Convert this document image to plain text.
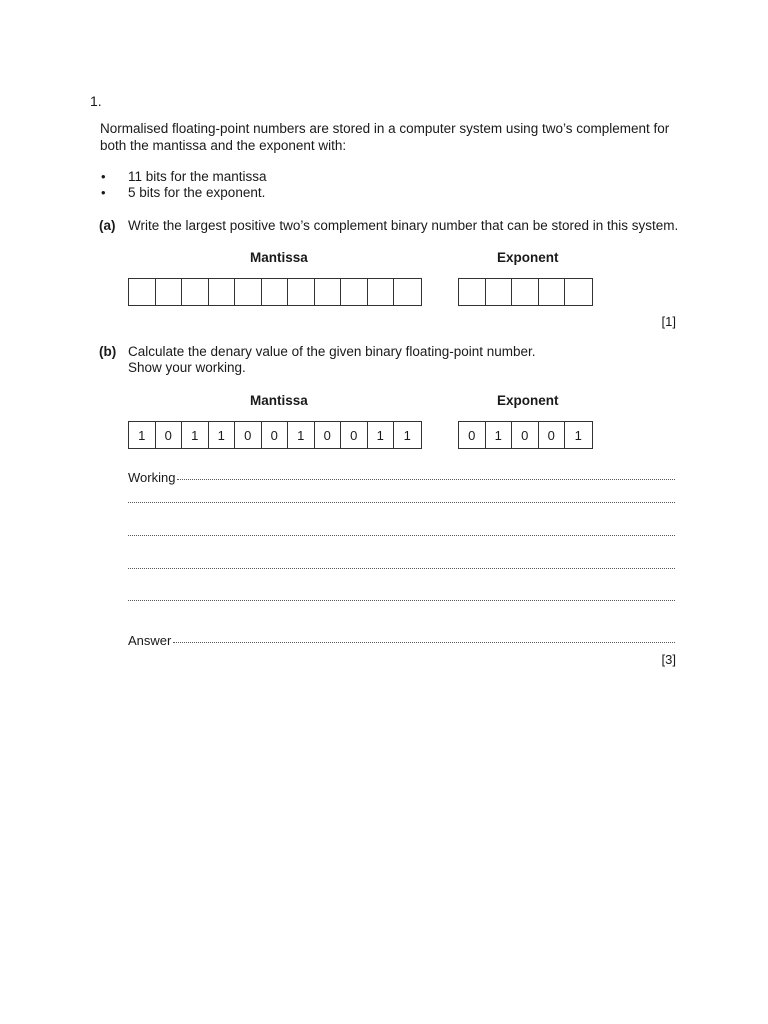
1.
Normalised floating-point numbers are stored in a computer system using two’s complement for both the mantissa and the exponent with:
• 11 bits for the mantissa
• 5 bits for the exponent.
(a) Write the largest positive two’s complement binary number that can be stored in this system.
Mantissa	Exponent
[1]
(b) Calculate the denary value of the given binary floating-point number.
Show your working.
Mantissa	Exponent
1	0	1	1	0	0	1	0	0	1	1	0	1	0	0	1
Working
Answer
[3]
